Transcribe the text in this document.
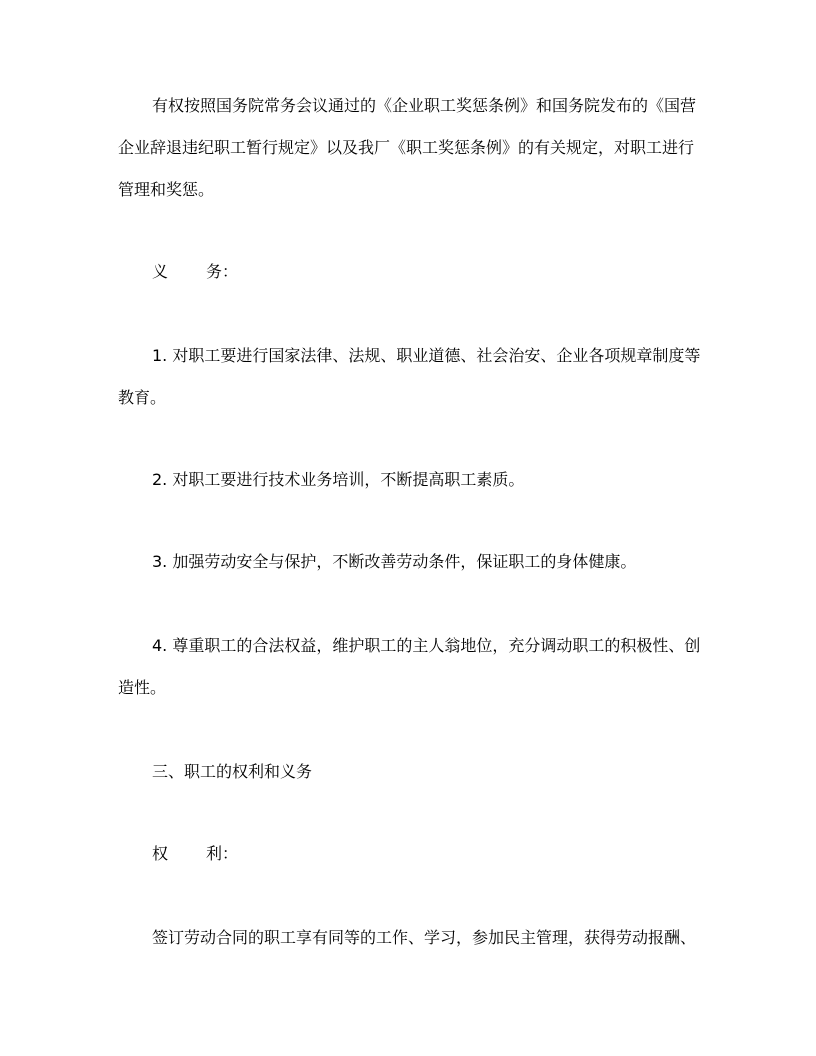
有权按照国务院常务会议通过的《企业职工奖惩条例》和国务院发布的《国营
企业辞退违纪职工暂行规定》以及我厂《职工奖惩条例》的有关规定，对职工进行
管理和奖惩。
义 务：
1. 对职工要进行国家法律、法规、职业道德、社会治安、企业各项规章制度等
教育。
2. 对职工要进行技术业务培训，不断提高职工素质。
3. 加强劳动安全与保护，不断改善劳动条件，保证职工的身体健康。
4. 尊重职工的合法权益，维护职工的主人翁地位，充分调动职工的积极性、创
造性。
三、职工的权利和义务
权 利：
签订劳动合同的职工享有同等的工作、学习，参加民主管理，获得劳动报酬、
